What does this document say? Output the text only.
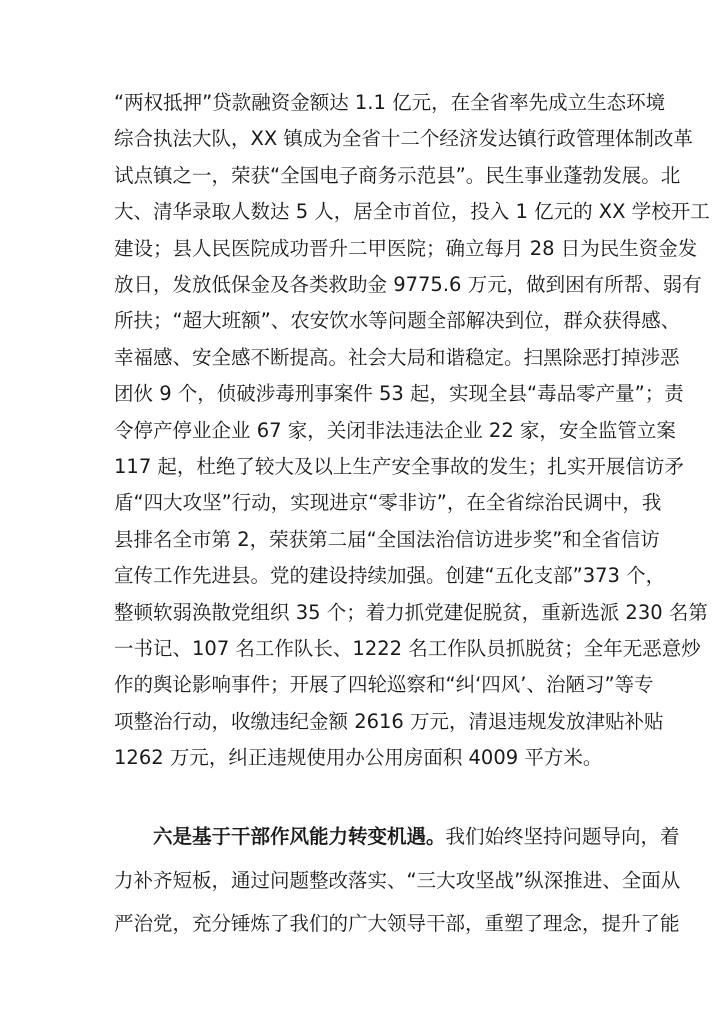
“两权抵押”贷款融资金额达 1.1 亿元，在全省率先成立生态环境
综合执法大队，XX 镇成为全省十二个经济发达镇行政管理体制改革
试点镇之一，荣获“全国电子商务示范县”。民生事业蓬勃发展。北
大、清华录取人数达 5 人，居全市首位，投入 1 亿元的 XX 学校开工
建设；县人民医院成功晋升二甲医院；确立每月 28 日为民生资金发
放日，发放低保金及各类救助金 9775.6 万元，做到困有所帮、弱有
所扶；“超大班额”、农安饮水等问题全部解决到位，群众获得感、
幸福感、安全感不断提高。社会大局和谐稳定。扫黑除恶打掉涉恶
团伙 9 个，侦破涉毒刑事案件 53 起，实现全县“毒品零产量”；责
令停产停业企业 67 家，关闭非法违法企业 22 家，安全监管立案
117 起，杜绝了较大及以上生产安全事故的发生；扎实开展信访矛
盾“四大攻坚”行动，实现进京“零非访”，在全省综治民调中，我
县排名全市第 2，荣获第二届“全国法治信访进步奖”和全省信访
宣传工作先进县。党的建设持续加强。创建“五化支部”373 个，
整顿软弱涣散党组织 35 个；着力抓党建促脱贫，重新选派 230 名第
一书记、107 名工作队长、1222 名工作队员抓脱贫；全年无恶意炒
作的舆论影响事件；开展了四轮巡察和“纠‘四风’、治陋习”等专
项整治行动，收缴违纪金额 2616 万元，清退违规发放津贴补贴
1262 万元，纠正违规使用办公用房面积 4009 平方米。
六是基于干部作风能力转变机遇。我们始终坚持问题导向，着
力补齐短板，通过问题整改落实、“三大攻坚战”纵深推进、全面从
严治党，充分锤炼了我们的广大领导干部，重塑了理念，提升了能
